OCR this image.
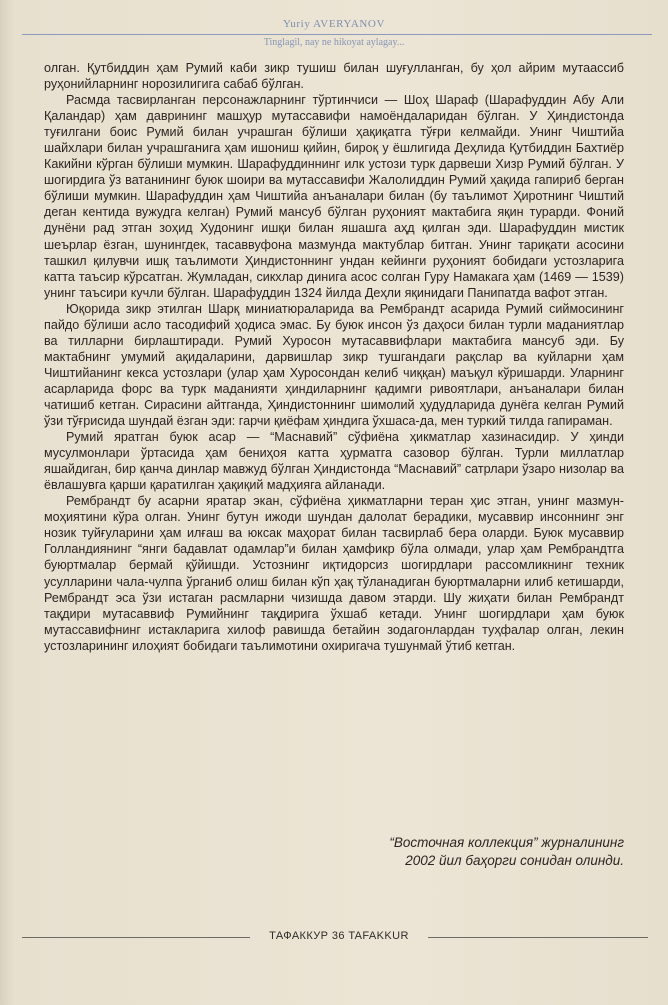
Yuriy AVERYANOV
Tinglagil, nay ne hikoyat aylagay...

олган. Қутбиддин ҳам Румий каби зикр тушиш билан шуғулланган, бу ҳол айрим мутаассиб руҳонийларнинг норозилигига сабаб бўлган.

Расмда тасвирланган персонажларнинг тўртинчиси — Шоҳ Шараф (Шарафуддин Абу Али Қаландар) ҳам даврининг машҳур мутассавифи намоёндаларидан бўлган. У Ҳиндистонда туғилгани боис Румий билан учрашган бўлиши ҳақиқатга тўғри келмайди. Унинг Чиштийа шайхлари билан учрашганига ҳам ишониш қийин, бироқ у ёшлигида Деҳлида Қутбиддин Бахтиёр Какийни кўрган бўлиши мумкин. Шарафуддиннинг илк устози турк дарвеши Хизр Румий бўлган. У шогирдига ўз ватанининг буюк шоири ва мутассавифи Жалолиддин Румий ҳақида гапириб берган бўлиши мумкин. Шарафуддин ҳам Чиштийа анъаналари билан (бу таълимот Ҳиротнинг Чиштий деган кентида вужудга келган) Румий мансуб бўлган руҳоният мактабига яқин турарди. Фоний дунёни рад этган зоҳид Худонинг ишқи билан яшашга аҳд қилган эди. Шарафуддин мистик шеърлар ёзган, шунингдек, тасаввуфона мазмунда мактублар битган. Унинг тариқати асосини ташкил қилувчи ишқ таълимоти Ҳиндистоннинг ундан кейинги руҳоният бобидаги устозларига катта таъсир кўрсатган. Жумладан, сикхлар динига асос солган Гуру Намакага ҳам (1469 — 1539) унинг таъсири кучли бўлган. Шарафуддин 1324 йилда Деҳли яқинидаги Панипатда вафот этган.

Юқорида зикр этилган Шарқ миниатюраларида ва Рембрандт асарида Румий сиймосининг пайдо бўлиши асло тасодифий ҳодиса эмас. Бу буюк инсон ўз даҳоси билан турли маданиятлар ва тилларни бирлаштиради. Румий Хуросон мутасаввифлари мактабига мансуб эди. Бу мактабнинг умумий ақидаларини, дарвишлар зикр тушгандаги рақслар ва куйларни ҳам Чиштийанинг кекса устозлари (улар ҳам Хуросондан келиб чиққан) маъқул кўришарди. Уларнинг асарларида форс ва турк маданияти ҳиндиларнинг қадимги ривоятлари, анъаналари билан чатишиб кетган. Сирасини айтганда, Ҳиндистоннинг шимолий ҳудудларида дунёга келган Румий ўзи тўғрисида шундай ёзган эди: гарчи қиёфам ҳиндига ўхшаса-да, мен туркий тилда гапираман.

Румий яратган буюк асар — “Маснавий” сўфиёна ҳикматлар хазинасидир. У ҳинди мусулмонлари ўртасида ҳам бениҳоя катта ҳурматга сазовор бўлган. Турли миллатлар яшайдиган, бир қанча динлар мавжуд бўлган Ҳиндистонда “Маснавий” сатрлари ўзаро низолар ва ёвлашувга қарши қаратилган ҳақиқий мадҳияга айланади.

Рембрандт бу асарни яратар экан, сўфиёна ҳикматларни теран ҳис этган, унинг мазмун-моҳиятини кўра олган. Унинг бутун ижоди шундан далолат берадики, мусаввир инсоннинг энг нозик туйғуларини ҳам илғаш ва юксак маҳорат билан тасвирлаб бера оларди. Буюк мусаввир Голландиянинг “янги бадавлат одамлар”и билан ҳамфикр бўла олмади, улар ҳам Рембрандтга буюртмалар бермай қўйишди. Устознинг иқтидорсиз шогирдлари рассомликнинг техник усулларини чала-чулпа ўрганиб олиш билан кўп ҳақ тўланадиган буюртмаларни илиб кетишарди, Рембрандт эса ўзи истаган расмларни чизишда давом этарди. Шу жиҳати билан Рембрандт тақдири мутасаввиф Румийнинг тақдирига ўхшаб кетади. Унинг шогирдлари ҳам буюк мутассавифнинг истакларига хилоф равишда бетайин зодагонлардан туҳфалар олган, лекин устозларининг илоҳият бобидаги таълимотини охиригача тушунмай ўтиб кетган.

“Восточная коллекция” журналининг
2002 йил баҳорги сонидан олинди.
ТАФАККУР 36 TAFAKKUR
